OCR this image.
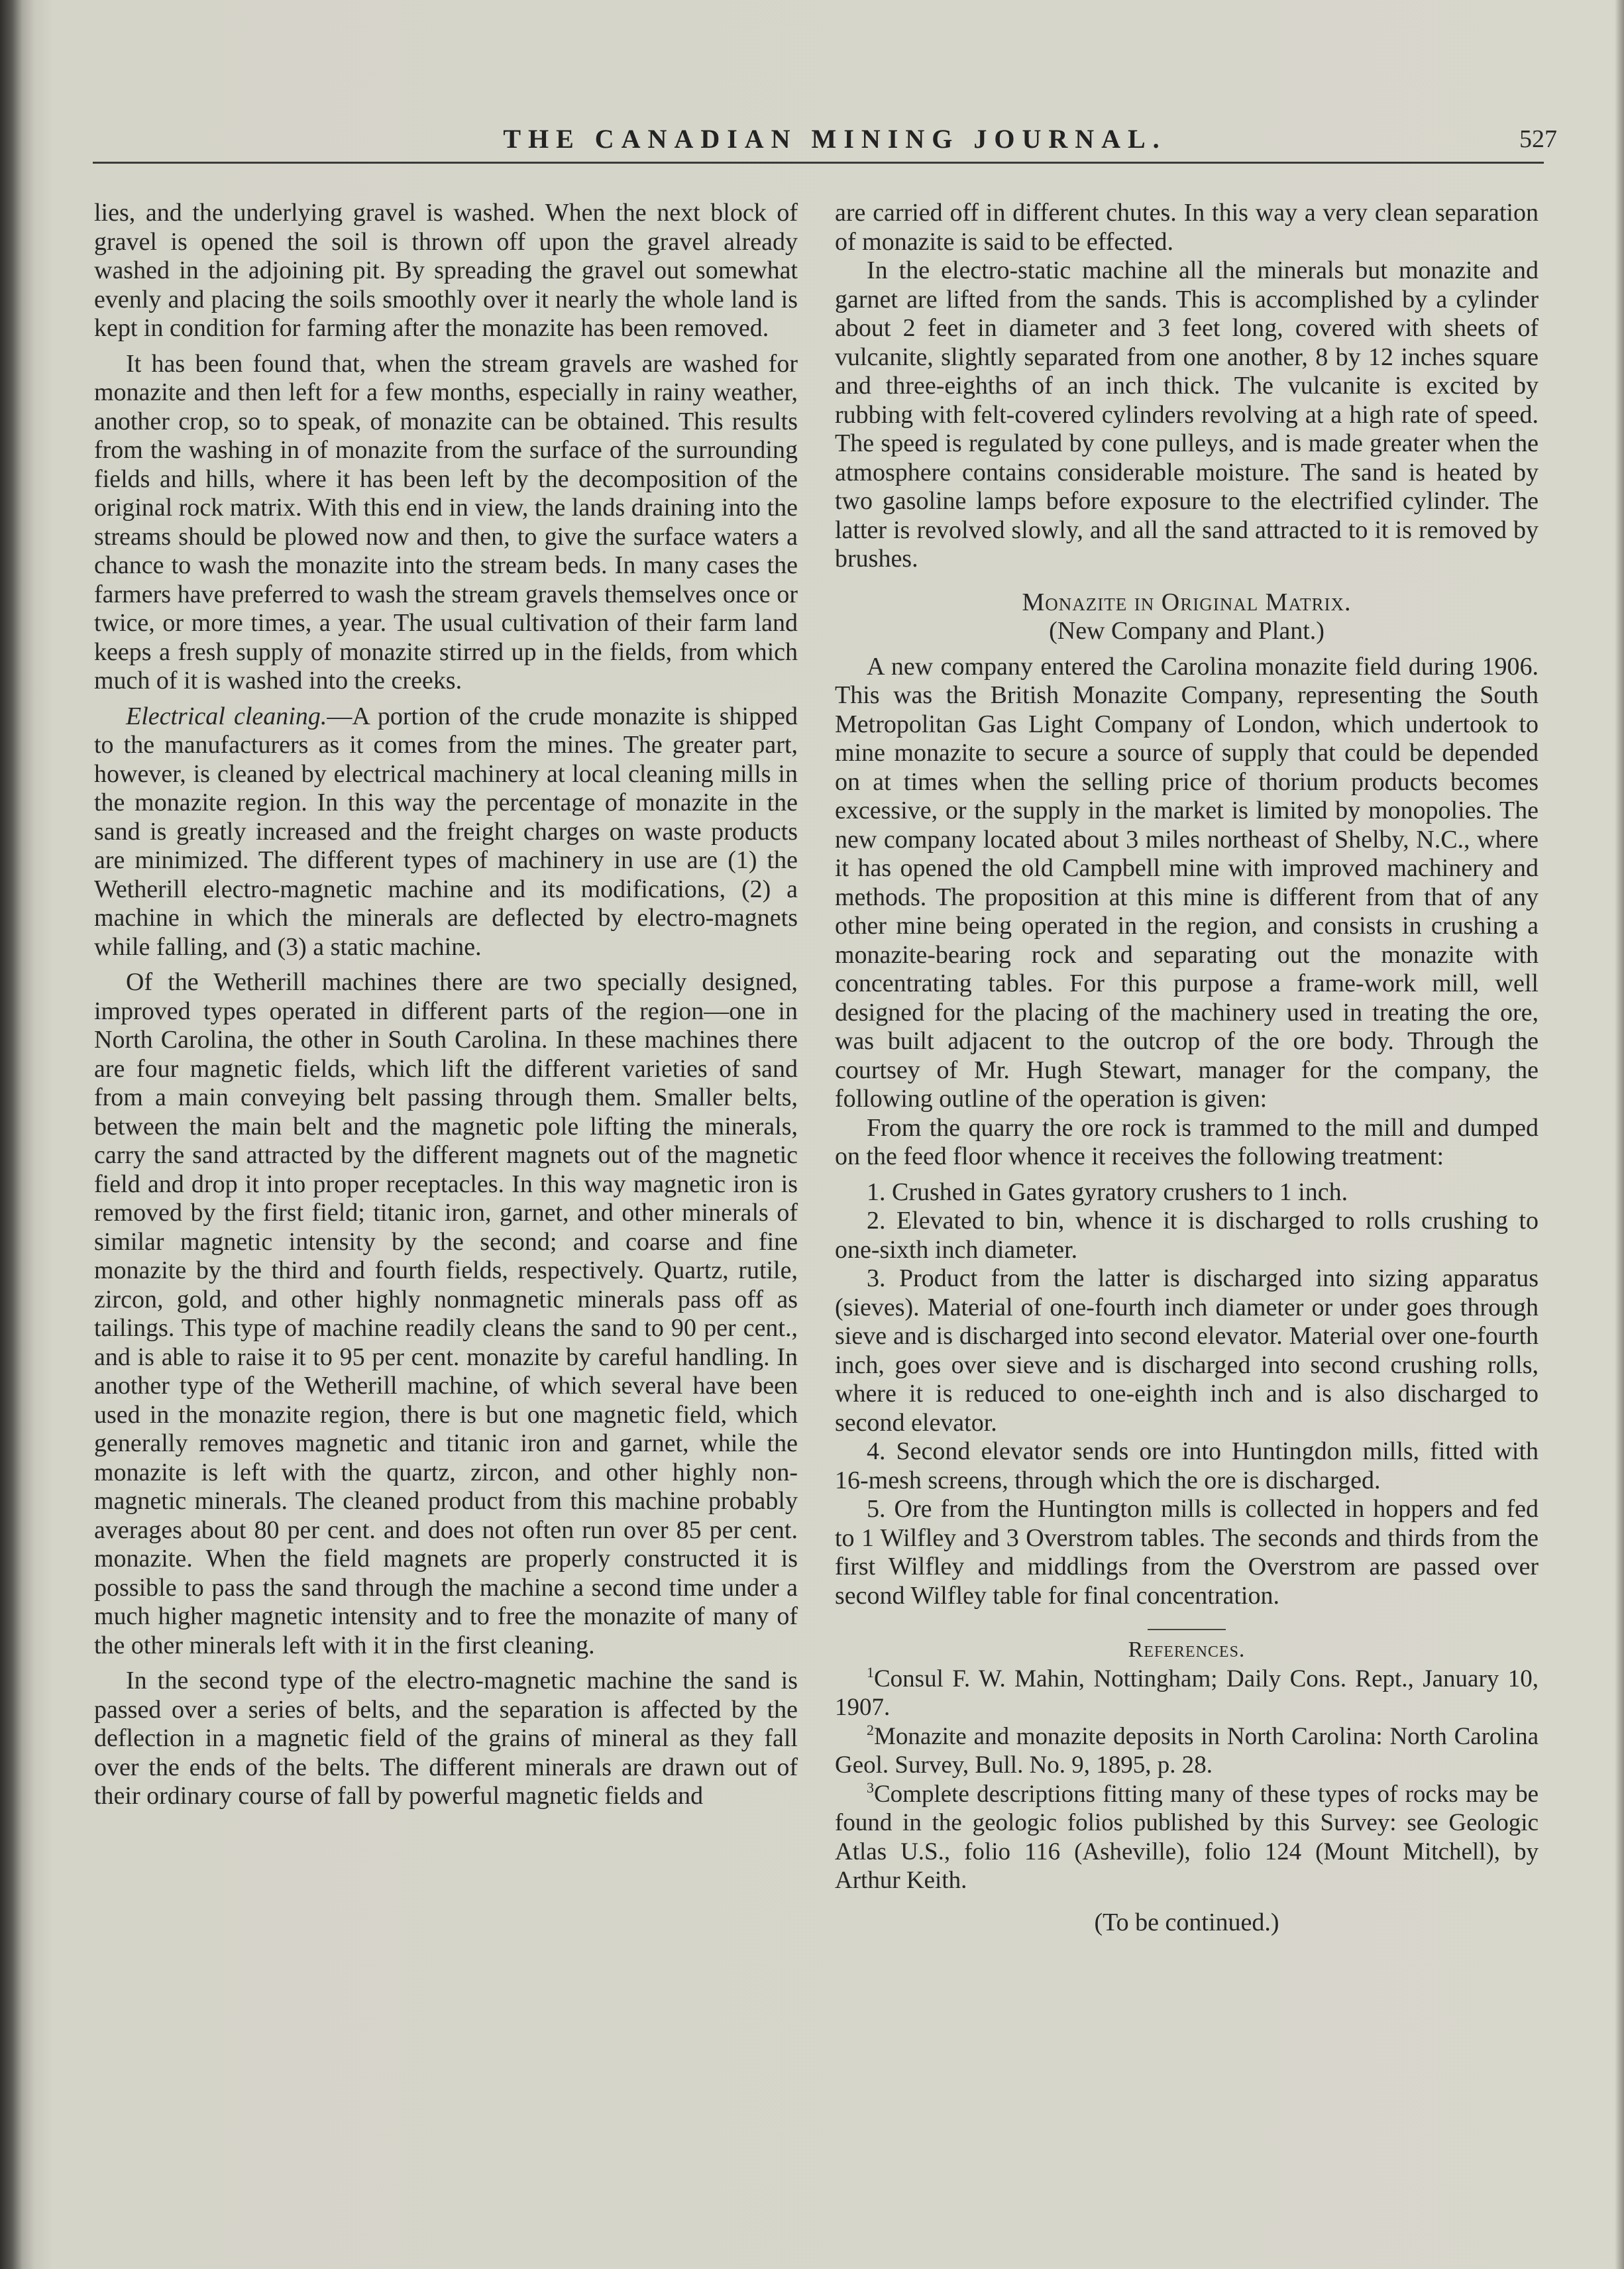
THE CANADIAN MINING JOURNAL.	527

lies, and the underlying gravel is washed. When the next block of gravel is opened the soil is thrown off upon the gravel already washed in the adjoining pit. By spreading the gravel out somewhat evenly and placing the soils smoothly over it nearly the whole land is kept in condition for farming after the monazite has been removed.

It has been found that, when the stream gravels are washed for monazite and then left for a few months, especially in rainy weather, another crop, so to speak, of monazite can be obtained. This results from the washing in of monazite from the surface of the surrounding fields and hills, where it has been left by the decomposition of the original rock matrix. With this end in view, the lands draining into the streams should be plowed now and then, to give the surface waters a chance to wash the monazite into the stream beds. In many cases the farmers have preferred to wash the stream gravels themselves once or twice, or more times, a year. The usual cultivation of their farm land keeps a fresh supply of monazite stirred up in the fields, from which much of it is washed into the creeks.

Electrical cleaning.—A portion of the crude monazite is shipped to the manufacturers as it comes from the mines. The greater part, however, is cleaned by electrical machinery at local cleaning mills in the monazite region. In this way the percentage of monazite in the sand is greatly increased and the freight charges on waste products are minimized. The different types of machinery in use are (1) the Wetherill electro-magnetic machine and its modifications, (2) a machine in which the minerals are deflected by electro-magnets while falling, and (3) a static machine.

Of the Wetherill machines there are two specially designed, improved types operated in different parts of the region—one in North Carolina, the other in South Carolina. In these machines there are four magnetic fields, which lift the different varieties of sand from a main conveying belt passing through them. Smaller belts, between the main belt and the magnetic pole lifting the minerals, carry the sand attracted by the different magnets out of the magnetic field and drop it into proper receptacles. In this way magnetic iron is removed by the first field; titanic iron, garnet, and other minerals of similar magnetic intensity by the second; and coarse and fine monazite by the third and fourth fields, respectively. Quartz, rutile, zircon, gold, and other highly nonmagnetic minerals pass off as tailings. This type of machine readily cleans the sand to 90 per cent., and is able to raise it to 95 per cent. monazite by careful handling. In another type of the Wetherill machine, of which several have been used in the monazite region, there is but one magnetic field, which generally removes magnetic and titanic iron and garnet, while the monazite is left with the quartz, zircon, and other highly non-magnetic minerals. The cleaned product from this machine probably averages about 80 per cent. and does not often run over 85 per cent. monazite. When the field magnets are properly constructed it is possible to pass the sand through the machine a second time under a much higher magnetic intensity and to free the monazite of many of the other minerals left with it in the first cleaning.

In the second type of the electro-magnetic machine the sand is passed over a series of belts, and the separation is affected by the deflection in a magnetic field of the grains of mineral as they fall over the ends of the belts. The different minerals are drawn out of their ordinary course of fall by powerful magnetic fields and

are carried off in different chutes. In this way a very clean separation of monazite is said to be effected.

In the electro-static machine all the minerals but monazite and garnet are lifted from the sands. This is accomplished by a cylinder about 2 feet in diameter and 3 feet long, covered with sheets of vulcanite, slightly separated from one another, 8 by 12 inches square and three-eighths of an inch thick. The vulcanite is excited by rubbing with felt-covered cylinders revolving at a high rate of speed. The speed is regulated by cone pulleys, and is made greater when the atmosphere contains considerable moisture. The sand is heated by two gasoline lamps before exposure to the electrified cylinder. The latter is revolved slowly, and all the sand attracted to it is removed by brushes.

Monazite in Original Matrix.

(New Company and Plant.)

A new company entered the Carolina monazite field during 1906. This was the British Monazite Company, representing the South Metropolitan Gas Light Company of London, which undertook to mine monazite to secure a source of supply that could be depended on at times when the selling price of thorium products becomes excessive, or the supply in the market is limited by monopolies. The new company located about 3 miles northeast of Shelby, N.C., where it has opened the old Campbell mine with improved machinery and methods. The proposition at this mine is different from that of any other mine being operated in the region, and consists in crushing a monazite-bearing rock and separating out the monazite with concentrating tables. For this purpose a frame-work mill, well designed for the placing of the machinery used in treating the ore, was built adjacent to the outcrop of the ore body. Through the courtsey of Mr. Hugh Stewart, manager for the company, the following outline of the operation is given:

From the quarry the ore rock is trammed to the mill and dumped on the feed floor whence it receives the following treatment:

1. Crushed in Gates gyratory crushers to 1 inch.

2. Elevated to bin, whence it is discharged to rolls crushing to one-sixth inch diameter.

3. Product from the latter is discharged into sizing apparatus (sieves). Material of one-fourth inch diameter or under goes through sieve and is discharged into second elevator. Material over one-fourth inch, goes over sieve and is discharged into second crushing rolls, where it is reduced to one-eighth inch and is also discharged to second elevator.

4. Second elevator sends ore into Huntingdon mills, fitted with 16-mesh screens, through which the ore is discharged.

5. Ore from the Huntington mills is collected in hoppers and fed to 1 Wilfley and 3 Overstrom tables. The seconds and thirds from the first Wilfley and middlings from the Overstrom are passed over second Wilfley table for final concentration.

References.

$^1$Consul F. W. Mahin, Nottingham; Daily Cons. Rept., January 10, 1907.

$^2$Monazite and monazite deposits in North Carolina: North Carolina Geol. Survey, Bull. No. 9, 1895, p. 28.

$^3$Complete descriptions fitting many of these types of rocks may be found in the geologic folios published by this Survey: see Geologic Atlas U.S., folio 116 (Asheville), folio 124 (Mount Mitchell), by Arthur Keith.

(To be continued.)
